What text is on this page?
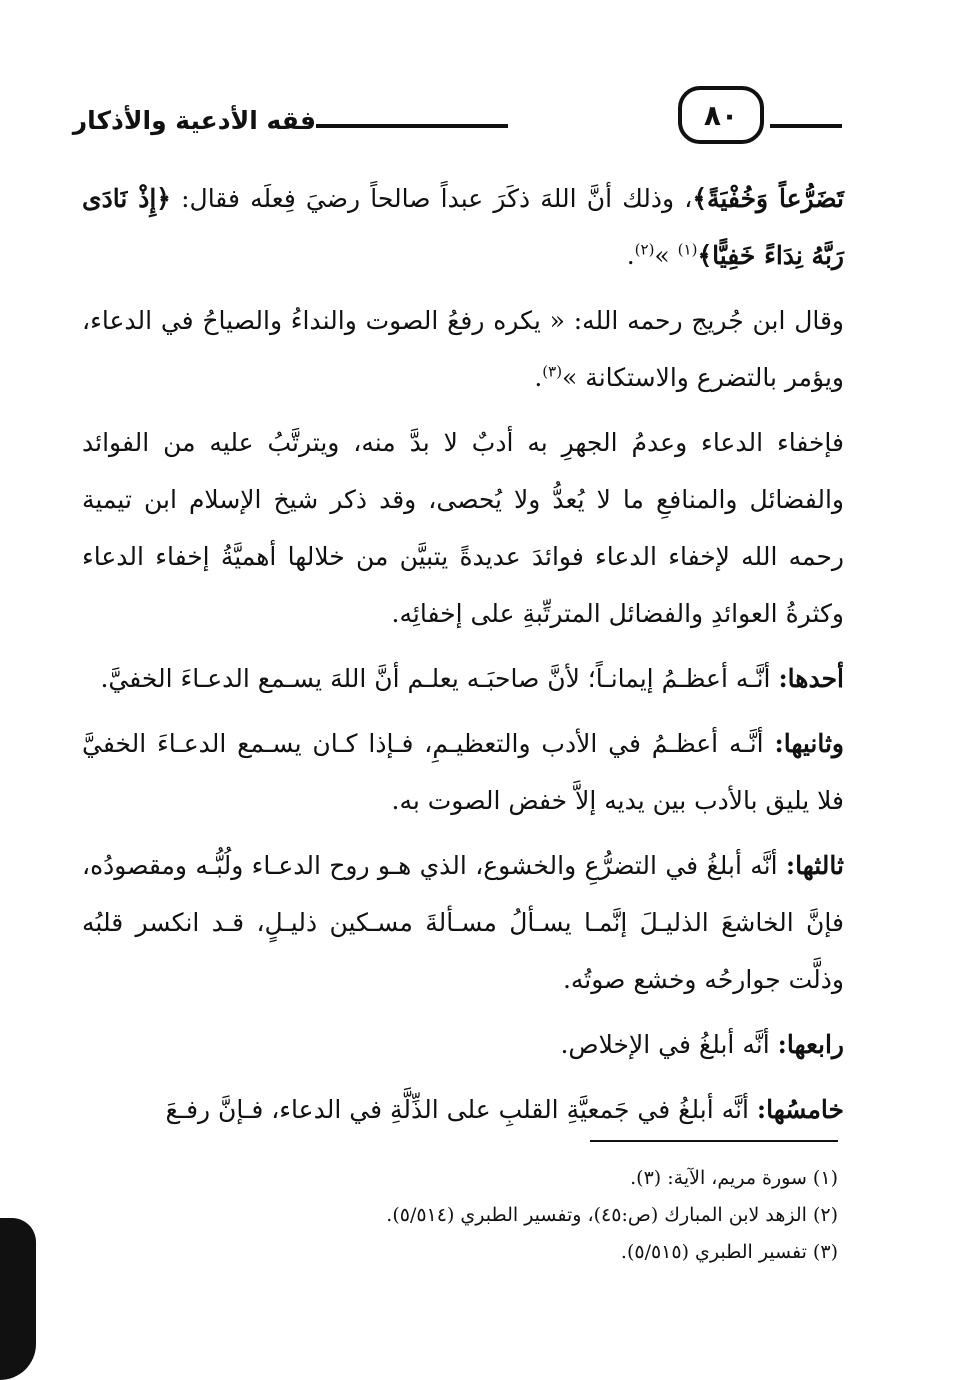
فقه الأدعية والأذكار	٨٠

تَضَرُّعاً وَخُفْيَةً﴾، وذلك أنَّ اللهَ ذكَرَ عبداً صالحاً رضيَ فِعلَه فقال: ﴿إِذْ نَادَى رَبَّهُ نِدَاءً خَفِيًّا﴾$^{(١)}$ »$^{(٢)}$.

وقال ابن جُريج رحمه الله: « يكره رفعُ الصوت والنداءُ والصياحُ في الدعاء، ويؤمر بالتضرع والاستكانة »$^{(٣)}$.

فإخفاء الدعاء وعدمُ الجهرِ به أدبٌ لا بدَّ منه، ويترتَّبُ عليه من الفوائد والفضائل والمنافعِ ما لا يُعدُّ ولا يُحصى، وقد ذكر شيخ الإسلام ابن تيمية رحمه الله لإخفاء الدعاء فوائدَ عديدةً يتبيَّن من خلالها أهميَّةُ إخفاء الدعاء وكثرةُ العوائدِ والفضائل المترتِّبةِ على إخفائِه.

أحدها: أنَّـه أعظـمُ إيمانـاً؛ لأنَّ صاحبَـه يعلـم أنَّ اللهَ يسـمع الدعـاءَ الخفيَّ.

وثانيها: أنَّـه أعظـمُ في الأدب والتعظيـمِ، فـإذا كـان يسـمع الدعـاءَ الخفيَّ فلا يليق بالأدب بين يديه إلاَّ خفض الصوت به.

ثالثها: أنَّه أبلغُ في التضرُّعِ والخشوع، الذي هـو روح الدعـاء ولُبُّـه ومقصودُه، فإنَّ الخاشعَ الذليـلَ إنَّمـا يسـألُ مسـألةَ مسـكين ذليـلٍ، قـد انكسر قلبُه وذلَّت جوارحُه وخشع صوتُه.

رابعها: أنَّه أبلغُ في الإخلاص.

خامسُها: أنَّه أبلغُ في جَمعيَّةِ القلبِ على الذِّلَّةِ في الدعاء، فـإنَّ رفـعَ

(١) سورة مريم، الآية: (٣).
(٢) الزهد لابن المبارك (ص:٤٥)، وتفسير الطبري (٥/٥١٤).
(٣) تفسير الطبري (٥/٥١٥).
